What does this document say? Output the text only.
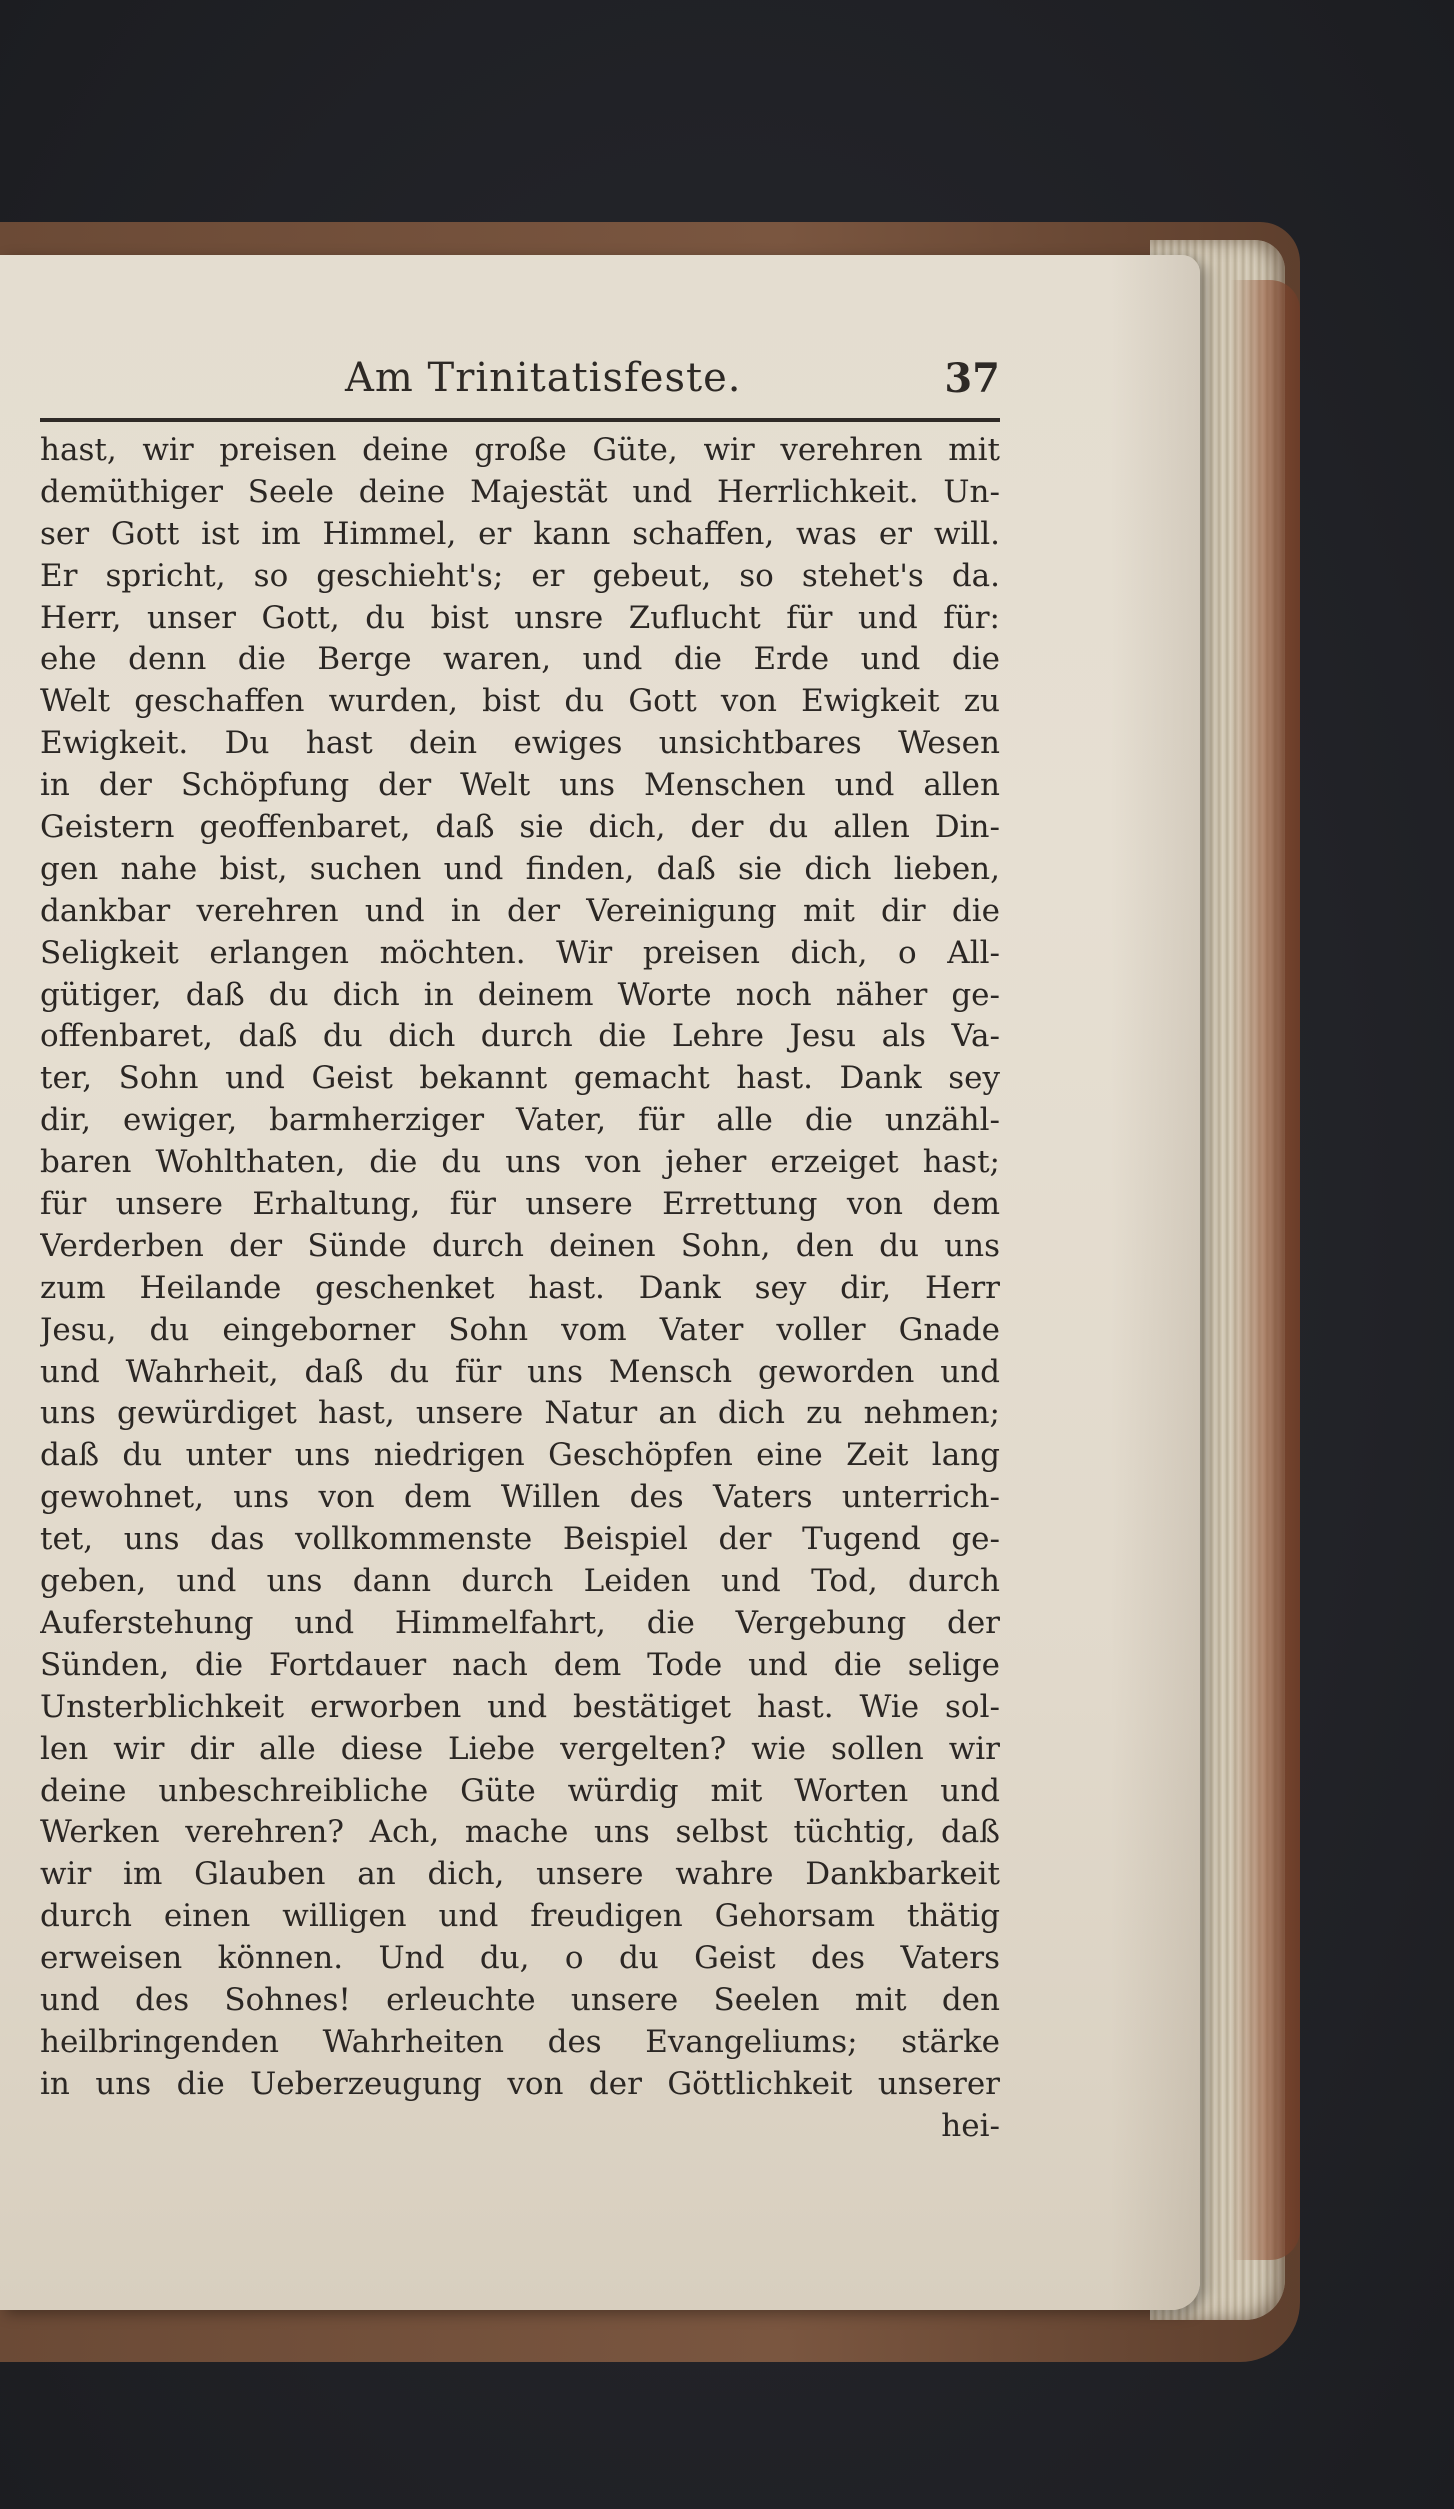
Am Trinitatisfeste.	37
hast, wir preisen deine große Güte, wir verehren mit
demüthiger Seele deine Majestät und Herrlichkeit. Un-
ser Gott ist im Himmel, er kann schaffen, was er will.
Er spricht, so geschieht's; er gebeut, so stehet's da.
Herr, unser Gott, du bist unsre Zuflucht für und für:
ehe denn die Berge waren, und die Erde und die
Welt geschaffen wurden, bist du Gott von Ewigkeit zu
Ewigkeit. Du hast dein ewiges unsichtbares Wesen
in der Schöpfung der Welt uns Menschen und allen
Geistern geoffenbaret, daß sie dich, der du allen Din-
gen nahe bist, suchen und finden, daß sie dich lieben,
dankbar verehren und in der Vereinigung mit dir die
Seligkeit erlangen möchten. Wir preisen dich, o All-
gütiger, daß du dich in deinem Worte noch näher ge-
offenbaret, daß du dich durch die Lehre Jesu als Va-
ter, Sohn und Geist bekannt gemacht hast. Dank sey
dir, ewiger, barmherziger Vater, für alle die unzähl-
baren Wohlthaten, die du uns von jeher erzeiget hast;
für unsere Erhaltung, für unsere Errettung von dem
Verderben der Sünde durch deinen Sohn, den du uns
zum Heilande geschenket hast. Dank sey dir, Herr
Jesu, du eingeborner Sohn vom Vater voller Gnade
und Wahrheit, daß du für uns Mensch geworden und
uns gewürdiget hast, unsere Natur an dich zu nehmen;
daß du unter uns niedrigen Geschöpfen eine Zeit lang
gewohnet, uns von dem Willen des Vaters unterrich-
tet, uns das vollkommenste Beispiel der Tugend ge-
geben, und uns dann durch Leiden und Tod, durch
Auferstehung und Himmelfahrt, die Vergebung der
Sünden, die Fortdauer nach dem Tode und die selige
Unsterblichkeit erworben und bestätiget hast. Wie sol-
len wir dir alle diese Liebe vergelten? wie sollen wir
deine unbeschreibliche Güte würdig mit Worten und
Werken verehren? Ach, mache uns selbst tüchtig, daß
wir im Glauben an dich, unsere wahre Dankbarkeit
durch einen willigen und freudigen Gehorsam thätig
erweisen können. Und du, o du Geist des Vaters
und des Sohnes! erleuchte unsere Seelen mit den
heilbringenden Wahrheiten des Evangeliums; stärke
in uns die Ueberzeugung von der Göttlichkeit unserer
hei-
